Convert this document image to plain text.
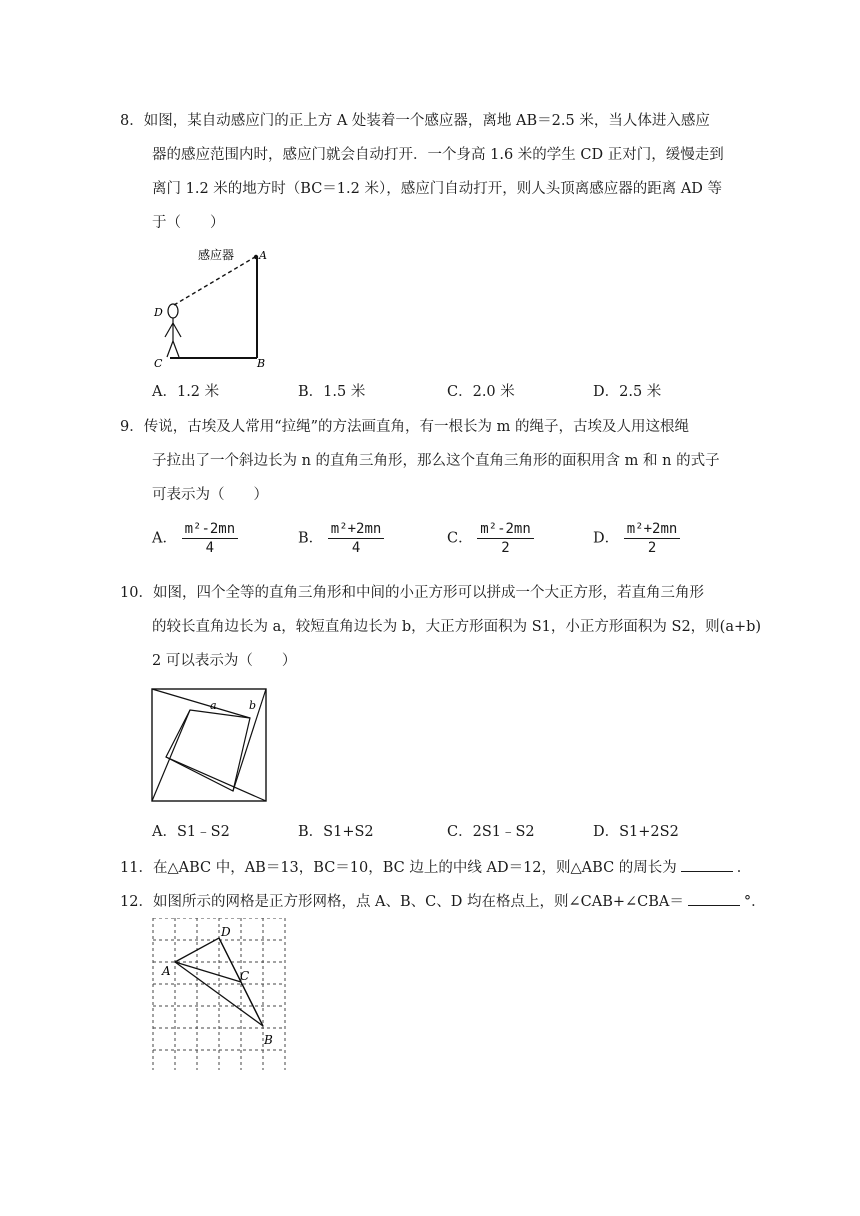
8．如图，某自动感应门的正上方 A 处装着一个感应器，离地 AB＝2.5 米，当人体进入感应
器的感应范围内时，感应门就会自动打开．一个身高 1.6 米的学生 CD 正对门，缓慢走到
离门 1.2 米的地方时（BC＝1.2 米），感应门自动打开，则人头顶离感应器的距离 AD 等
于（　　）
感应器 A
B
C
D
A．1.2 米	B．1.5 米	C．2.0 米	D．2.5 米
9．传说，古埃及人常用“拉绳”的方法画直角，有一根长为 m 的绳子，古埃及人用这根绳
子拉出了一个斜边长为 n 的直角三角形，那么这个直角三角形的面积用含 m 和 n 的式子
可表示为（　　）
A． $\frac{\text{m²-2mn}}{4}$	B． $\frac{\text{m²+2mn}}{4}$	C． $\frac{\text{m²-2mn}}{2}$	D． $\frac{\text{m²+2mn}}{2}$
10．如图，四个全等的直角三角形和中间的小正方形可以拼成一个大正方形，若直角三角形
的较长直角边长为 a，较短直角边长为 b，大正方形面积为 S1，小正方形面积为 S2，则(a+b)
2 可以表示为（　　）
a	b
A．S1﹣S2	B．S1+S2	C．2S1﹣S2	D．S1+2S2
11．在△ABC 中，AB＝13，BC＝10，BC 边上的中线 AD＝12，则△ABC 的周长为	．
12．如图所示的网格是正方形网格，点 A、B、C、D 均在格点上，则∠CAB+∠CBA＝	°．
A
B
C
D
